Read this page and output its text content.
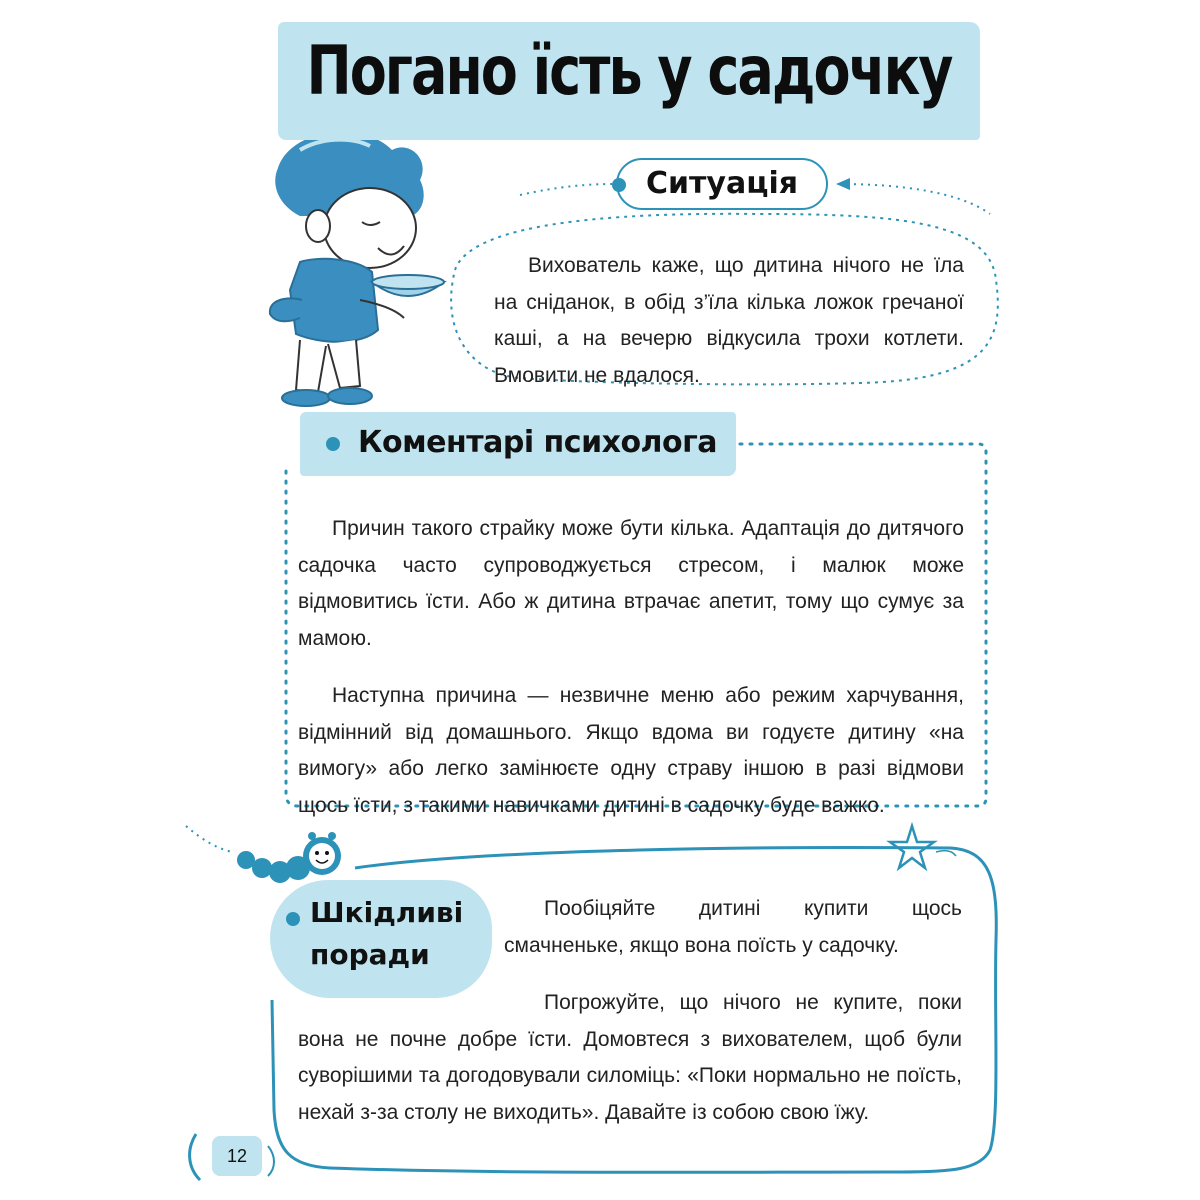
Погано їсть у садочку
Ситуація

Вихователь каже, що дитина нічого не їла на сніданок, в обід з’їла кілька ложок гречаної каші, а на вечерю відкусила трохи котлети. Вмовити не вдалося.

Коментарі психолога

Причин такого страйку може бути кілька. Адаптація до дитячого садочка часто супроводжується стресом, і малюк може відмовитись їсти. Або ж дитина втрачає апетит, тому що сумує за мамою.

Наступна причина — незвичне меню або режим харчування, відмінний від домашнього. Якщо вдома ви годуєте дитину «на вимогу» або легко замінюєте одну страву іншою в разі відмови щось їсти, з такими навичками дитині в садочку буде важко.

Шкідливі
поради

Пообіцяйте дитині купити щось смачненьке, якщо вона поїсть у садочку.

Погрожуйте, що нічого не купите, поки вона не почне добре їсти. Домовтеся з вихователем, щоб були суворішими та догодовували силоміць: «Поки нормально не поїсть, нехай з-за столу не виходить». Давайте із собою свою їжу.

12
